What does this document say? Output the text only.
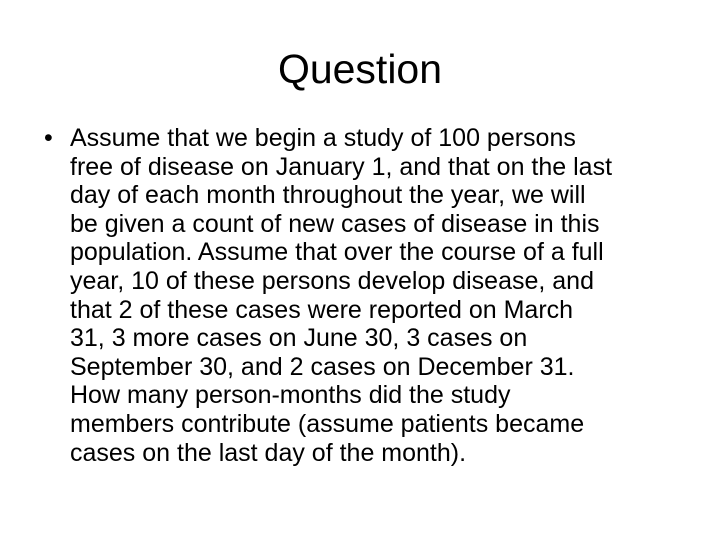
Question
• Assume that we begin a study of 100 persons
free of disease on January 1, and that on the last
day of each month throughout the year, we will
be given a count of new cases of disease in this
population. Assume that over the course of a full
year, 10 of these persons develop disease, and
that 2 of these cases were reported on March
31, 3 more cases on June 30, 3 cases on
September 30, and 2 cases on December 31.
How many person-months did the study
members contribute (assume patients became
cases on the last day of the month).
